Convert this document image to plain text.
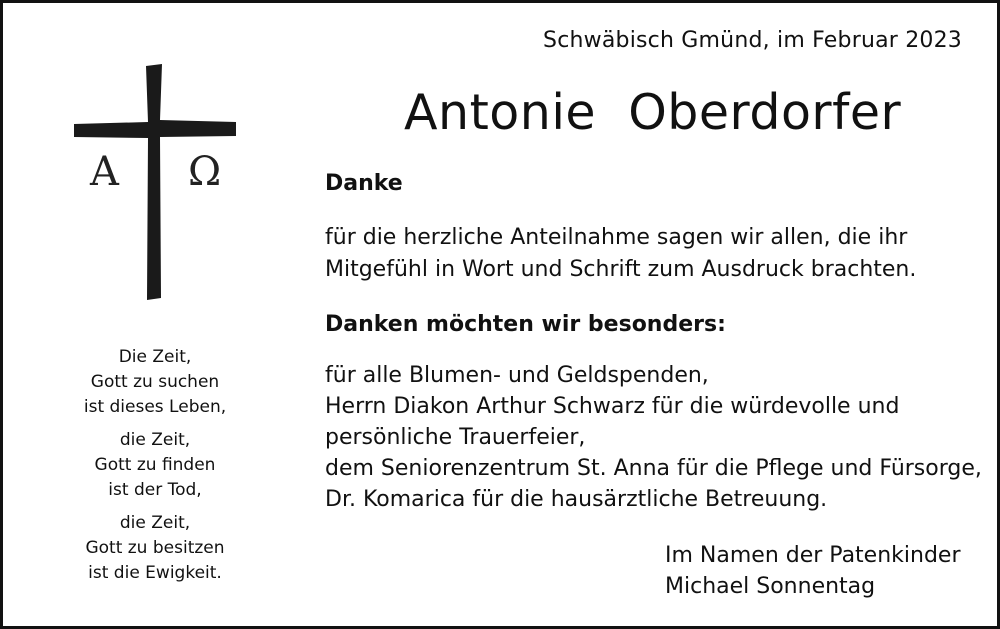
A Ω
Schwäbisch Gmünd, im Februar 2023
Antonie  Oberdorfer
Danke
für die herzliche Anteilnahme sagen wir allen, die ihr
Mitgefühl in Wort und Schrift zum Ausdruck brachten.
Danken möchten wir besonders:
für alle Blumen- und Geldspenden,
Herrn Diakon Arthur Schwarz für die würdevolle und
persönliche Trauerfeier,
dem Seniorenzentrum St. Anna für die Pflege und Fürsorge,
Dr. Komarica für die hausärztliche Betreuung.
Im Namen der Patenkinder
Michael Sonnentag
Die Zeit,
Gott zu suchen
ist dieses Leben,
die Zeit,
Gott zu finden
ist der Tod,
die Zeit,
Gott zu besitzen
ist die Ewigkeit.
